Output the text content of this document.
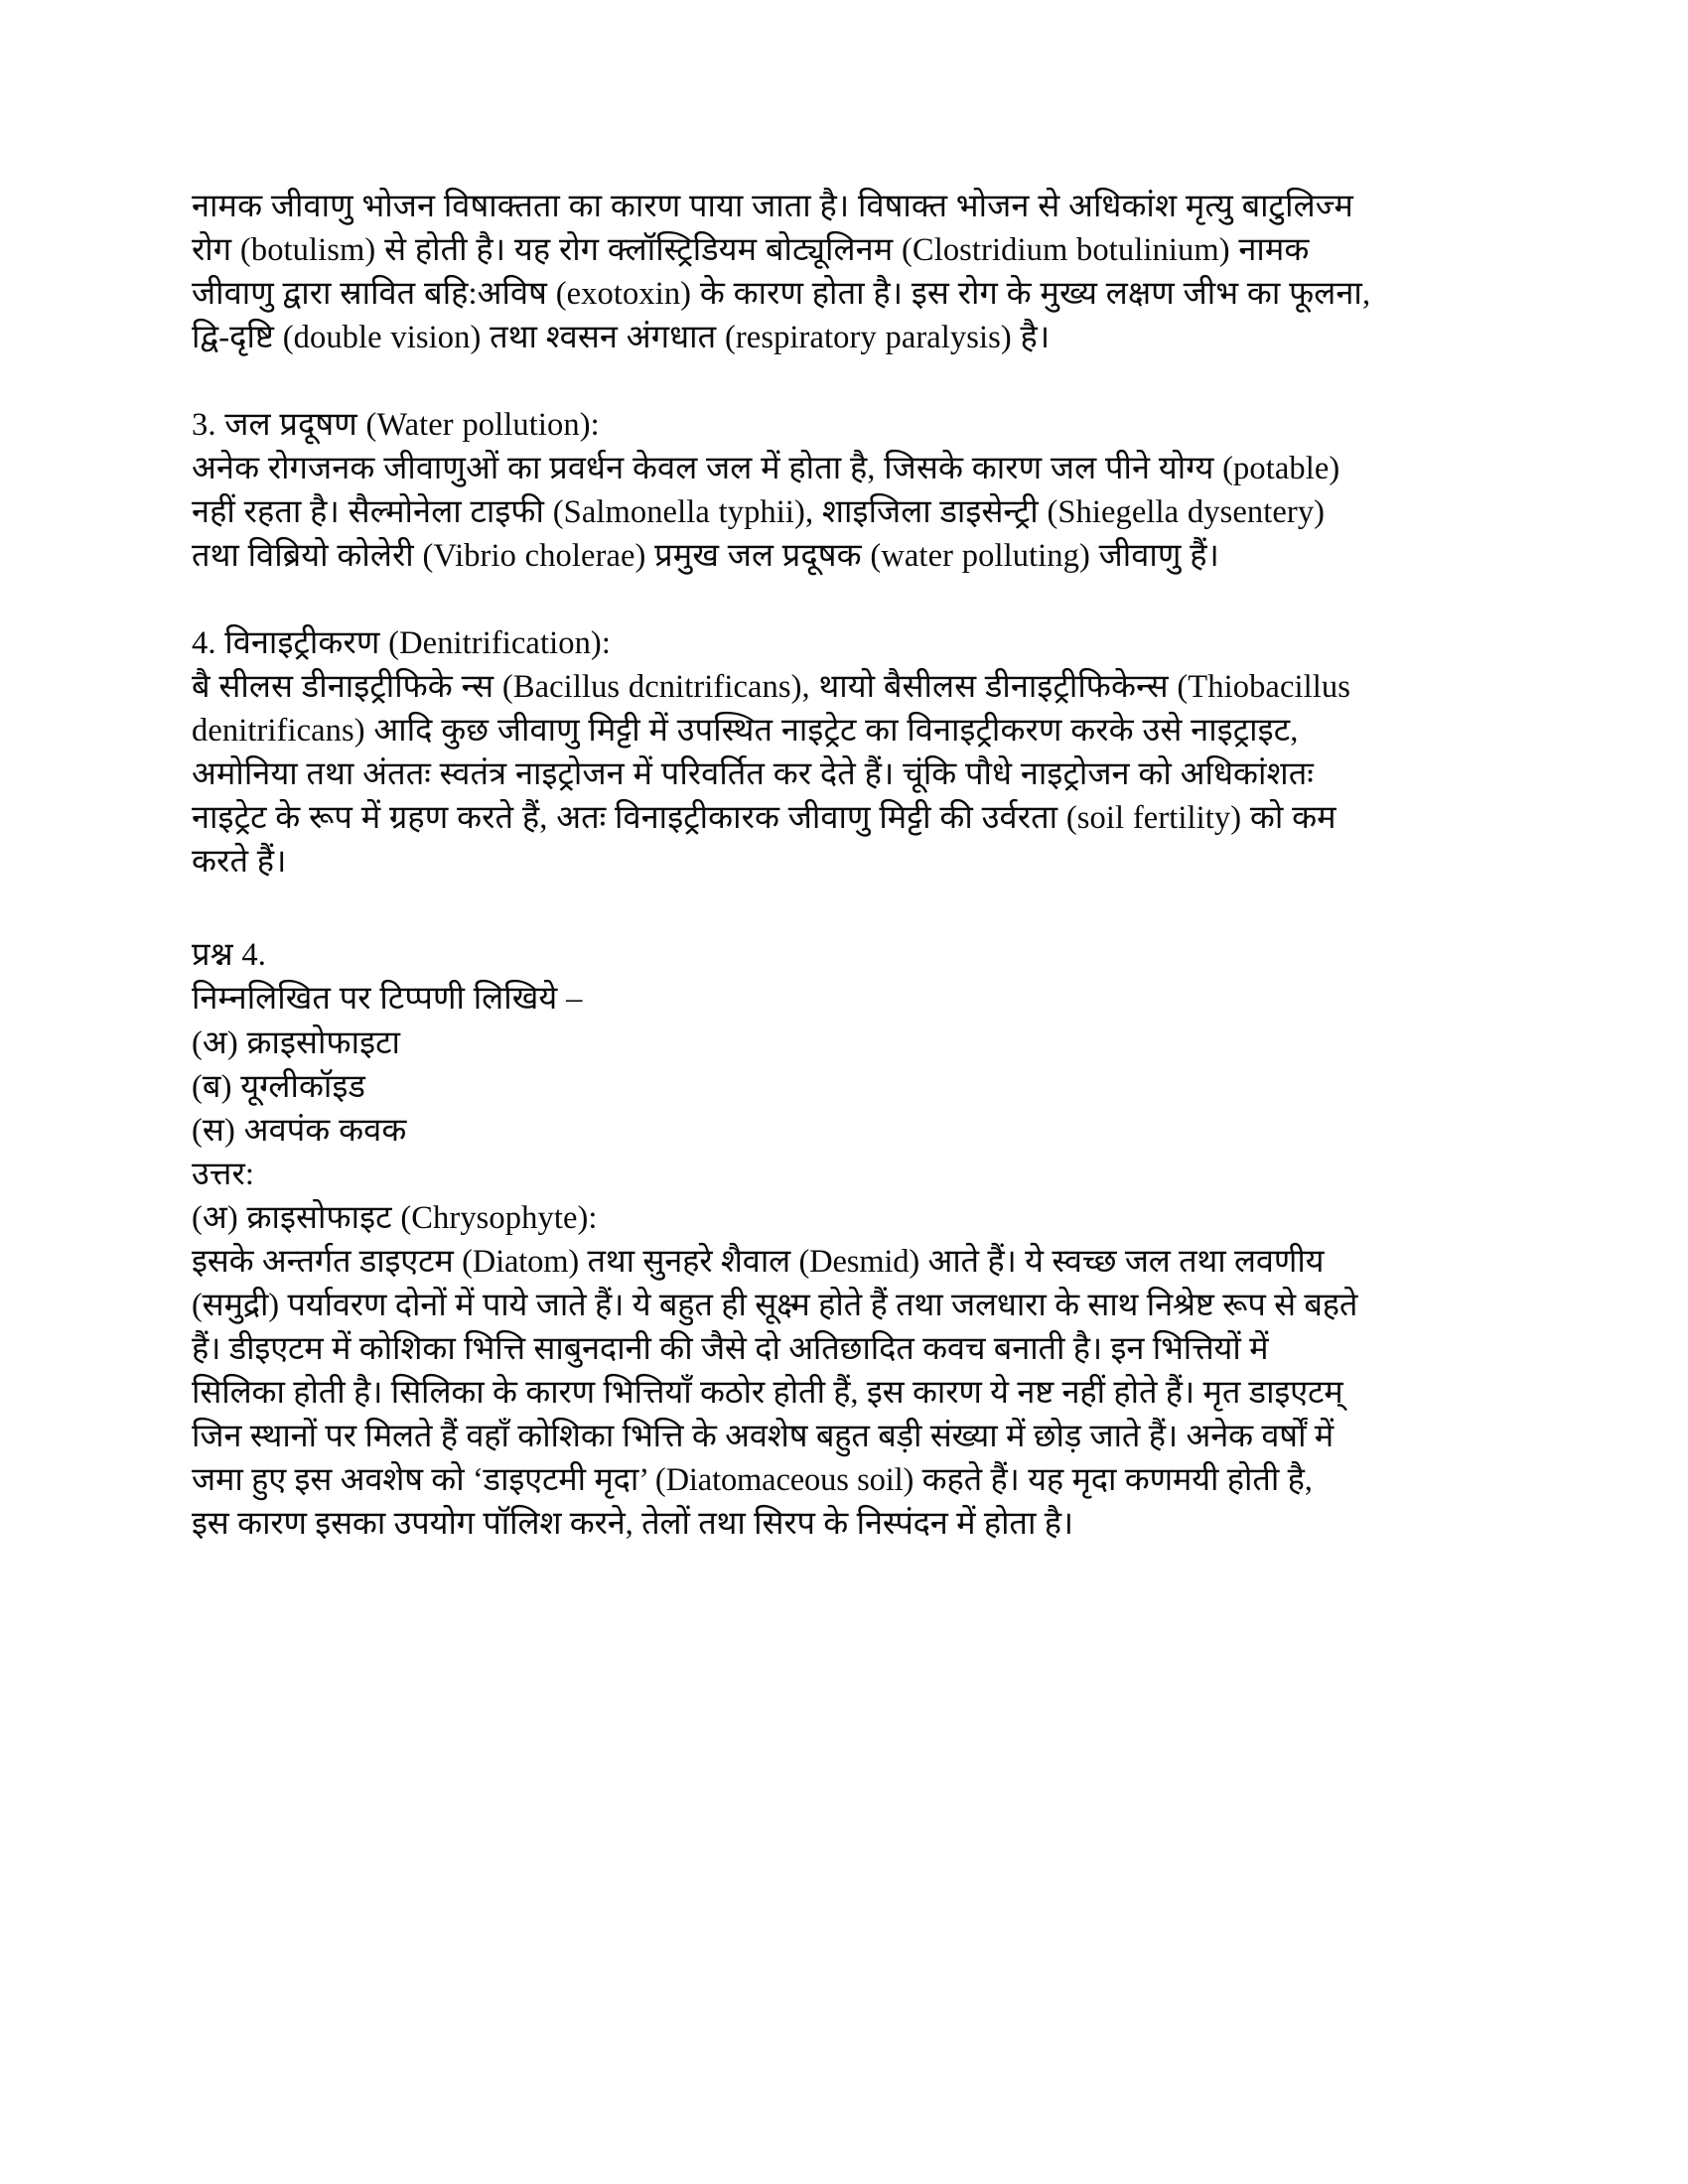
नामक जीवाणु भोजन विषाक्तता का कारण पाया जाता है। विषाक्त भोजन से अधिकांश मृत्यु बाटुलिज्म
रोग (botulism) से होती है। यह रोग क्लॉस्ट्रिडियम बोट्यूलिनम (Clostridium botulinium) नामक
जीवाणु द्वारा स्रावित बहि:अविष (exotoxin) के कारण होता है। इस रोग के मुख्य लक्षण जीभ का फूलना,
द्वि-दृष्टि (double vision) तथा श्वसन अंगधात (respiratory paralysis) है।

3. जल प्रदूषण (Water pollution):

अनेक रोगजनक जीवाणुओं का प्रवर्धन केवल जल में होता है, जिसके कारण जल पीने योग्य (potable)
नहीं रहता है। सैल्मोनेला टाइफी (Salmonella typhii), शाइजिला डाइसेन्ट्री (Shiegella dysentery)
तथा विब्रियो कोलेरी (Vibrio cholerae) प्रमुख जल प्रदूषक (water polluting) जीवाणु हैं।

4. विनाइट्रीकरण (Denitrification):

बै सीलस डीनाइट्रीफिके न्स (Bacillus dcnitrificans), थायो बैसीलस डीनाइट्रीफिकेन्स (Thiobacillus
denitrificans) आदि कुछ जीवाणु मिट्टी में उपस्थित नाइट्रेट का विनाइट्रीकरण करके उसे नाइट्राइट,
अमोनिया तथा अंततः स्वतंत्र नाइट्रोजन में परिवर्तित कर देते हैं। चूंकि पौधे नाइट्रोजन को अधिकांशतः
नाइट्रेट के रूप में ग्रहण करते हैं, अतः विनाइट्रीकारक जीवाणु मिट्टी की उर्वरता (soil fertility) को कम
करते हैं।

प्रश्न 4.
निम्नलिखित पर टिप्पणी लिखिये –
(अ) क्राइसोफाइटा
(ब) यूग्लीकॉइड
(स) अवपंक कवक
उत्तर:
(अ) क्राइसोफाइट (Chrysophyte):

इसके अन्तर्गत डाइएटम (Diatom) तथा सुनहरे शैवाल (Desmid) आते हैं। ये स्वच्छ जल तथा लवणीय
(समुद्री) पर्यावरण दोनों में पाये जाते हैं। ये बहुत ही सूक्ष्म होते हैं तथा जलधारा के साथ निश्रेष्ट रूप से बहते
हैं। डीइएटम में कोशिका भित्ति साबुनदानी की जैसे दो अतिछादित कवच बनाती है। इन भित्तियों में
सिलिका होती है। सिलिका के कारण भित्तियाँ कठोर होती हैं, इस कारण ये नष्ट नहीं होते हैं। मृत डाइएटम्
जिन स्थानों पर मिलते हैं वहाँ कोशिका भित्ति के अवशेष बहुत बड़ी संख्या में छोड़ जाते हैं। अनेक वर्षों में
जमा हुए इस अवशेष को ‘डाइएटमी मृदा’ (Diatomaceous soil) कहते हैं। यह मृदा कणमयी होती है,
इस कारण इसका उपयोग पॉलिश करने, तेलों तथा सिरप के निस्पंदन में होता है।
